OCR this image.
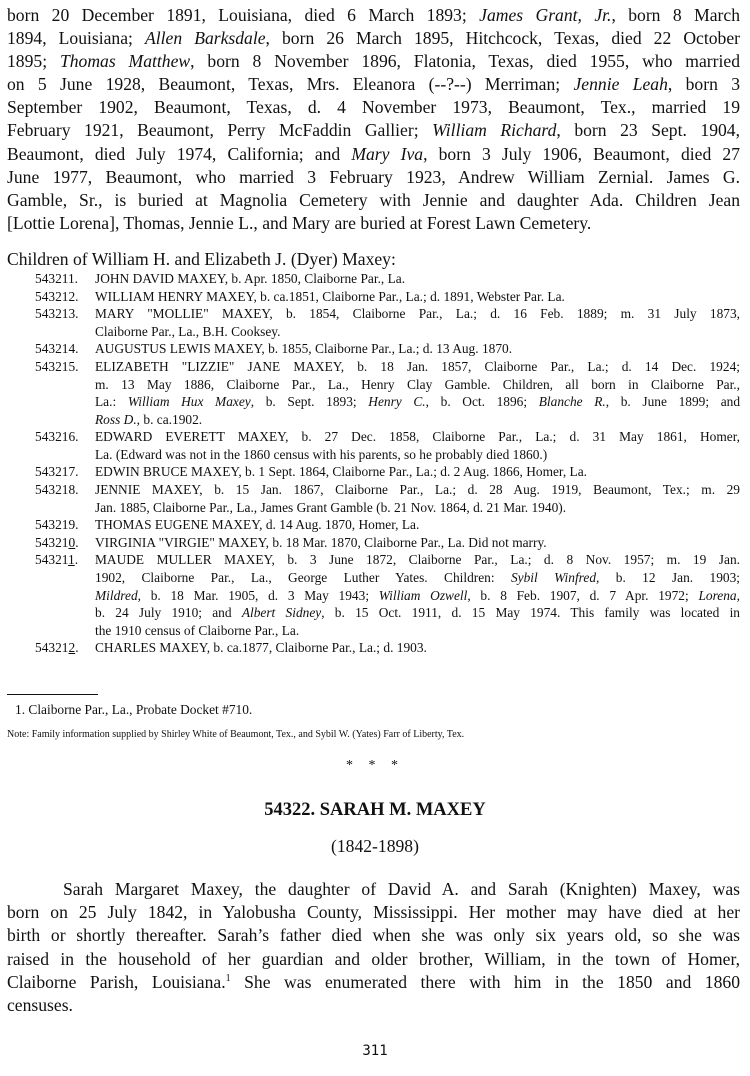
born 20 December 1891, Louisiana, died 6 March 1893; James Grant, Jr., born 8 March
1894, Louisiana; Allen Barksdale, born 26 March 1895, Hitchcock, Texas, died 22 October
1895; Thomas Matthew, born 8 November 1896, Flatonia, Texas, died 1955, who married
on 5 June 1928, Beaumont, Texas, Mrs. Eleanora (--?--) Merriman; Jennie Leah, born 3
September 1902, Beaumont, Texas, d. 4 November 1973, Beaumont, Tex., married 19
February 1921, Beaumont, Perry McFaddin Gallier; William Richard, born 23 Sept. 1904,
Beaumont, died July 1974, California; and Mary Iva, born 3 July 1906, Beaumont, died 27
June 1977, Beaumont, who married 3 February 1923, Andrew William Zernial. James G.
Gamble, Sr., is buried at Magnolia Cemetery with Jennie and daughter Ada. Children Jean
[Lottie Lorena], Thomas, Jennie L., and Mary are buried at Forest Lawn Cemetery.
Children of William H. and Elizabeth J. (Dyer) Maxey:
543211. JOHN DAVID MAXEY, b. Apr. 1850, Claiborne Par., La.
543212. WILLIAM HENRY MAXEY, b. ca.1851, Claiborne Par., La.; d. 1891, Webster Par. La.
543213. MARY "MOLLIE" MAXEY, b. 1854, Claiborne Par., La.; d. 16 Feb. 1889; m. 31 July 1873,
Claiborne Par., La., B.H. Cooksey.
543214. AUGUSTUS LEWIS MAXEY, b. 1855, Claiborne Par., La.; d. 13 Aug. 1870.
543215. ELIZABETH "LIZZIE" JANE MAXEY, b. 18 Jan. 1857, Claiborne Par., La.; d. 14 Dec. 1924;
m. 13 May 1886, Claiborne Par., La., Henry Clay Gamble. Children, all born in Claiborne Par.,
La.: William Hux Maxey, b. Sept. 1893; Henry C., b. Oct. 1896; Blanche R., b. June 1899; and
Ross D., b. ca.1902.
543216. EDWARD EVERETT MAXEY, b. 27 Dec. 1858, Claiborne Par., La.; d. 31 May 1861, Homer,
La. (Edward was not in the 1860 census with his parents, so he probably died 1860.)
543217. EDWIN BRUCE MAXEY, b. 1 Sept. 1864, Claiborne Par., La.; d. 2 Aug. 1866, Homer, La.
543218. JENNIE MAXEY, b. 15 Jan. 1867, Claiborne Par., La.; d. 28 Aug. 1919, Beaumont, Tex.; m. 29
Jan. 1885, Claiborne Par., La., James Grant Gamble (b. 21 Nov. 1864, d. 21 Mar. 1940).
543219. THOMAS EUGENE MAXEY, d. 14 Aug. 1870, Homer, La.
543210. VIRGINIA "VIRGIE" MAXEY, b. 18 Mar. 1870, Claiborne Par., La. Did not marry.
543211. MAUDE MULLER MAXEY, b. 3 June 1872, Claiborne Par., La.; d. 8 Nov. 1957; m. 19 Jan.
1902, Claiborne Par., La., George Luther Yates. Children: Sybil Winfred, b. 12 Jan. 1903;
Mildred, b. 18 Mar. 1905, d. 3 May 1943; William Ozwell, b. 8 Feb. 1907, d. 7 Apr. 1972; Lorena,
b. 24 July 1910; and Albert Sidney, b. 15 Oct. 1911, d. 15 May 1974. This family was located in
the 1910 census of Claiborne Par., La.
543212. CHARLES MAXEY, b. ca.1877, Claiborne Par., La.; d. 1903.
1. Claiborne Par., La., Probate Docket #710.
Note: Family information supplied by Shirley White of Beaumont, Tex., and Sybil W. (Yates) Farr of Liberty, Tex.
* * *
54322. SARAH M. MAXEY
(1842-1898)
Sarah Margaret Maxey, the daughter of David A. and Sarah (Knighten) Maxey, was
born on 25 July 1842, in Yalobusha County, Mississippi. Her mother may have died at her
birth or shortly thereafter. Sarah’s father died when she was only six years old, so she was
raised in the household of her guardian and older brother, William, in the town of Homer,
Claiborne Parish, Louisiana.$^1$ She was enumerated there with him in the 1850 and 1860
censuses.
311
